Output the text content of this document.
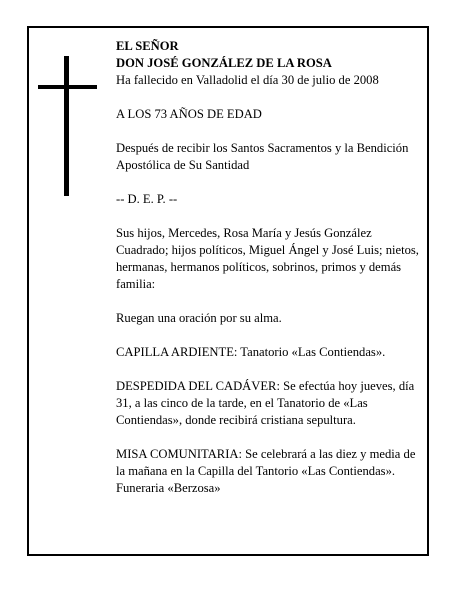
EL SEÑOR
DON JOSÉ GONZÁLEZ DE LA ROSA
Ha fallecido en Valladolid el día 30 de julio de 2008

A LOS 73 AÑOS DE EDAD

Después de recibir los Santos Sacramentos y la Bendición Apostólica de Su Santidad

-- D. E. P. --

Sus hijos, Mercedes, Rosa María y Jesús González Cuadrado; hijos políticos, Miguel Ángel y José Luis; nietos, hermanas, hermanos políticos, sobrinos, primos y demás familia:

Ruegan una oración por su alma.

CAPILLA ARDIENTE: Tanatorio «Las Contiendas».

DESPEDIDA DEL CADÁVER: Se efectúa hoy jueves, día 31, a las cinco de la tarde, en el Tanatorio de «Las Contiendas», donde recibirá cristiana sepultura.

MISA COMUNITARIA: Se celebrará a las diez y media de la mañana en la Capilla del Tantorio «Las Contiendas».

Funeraria «Berzosa»
